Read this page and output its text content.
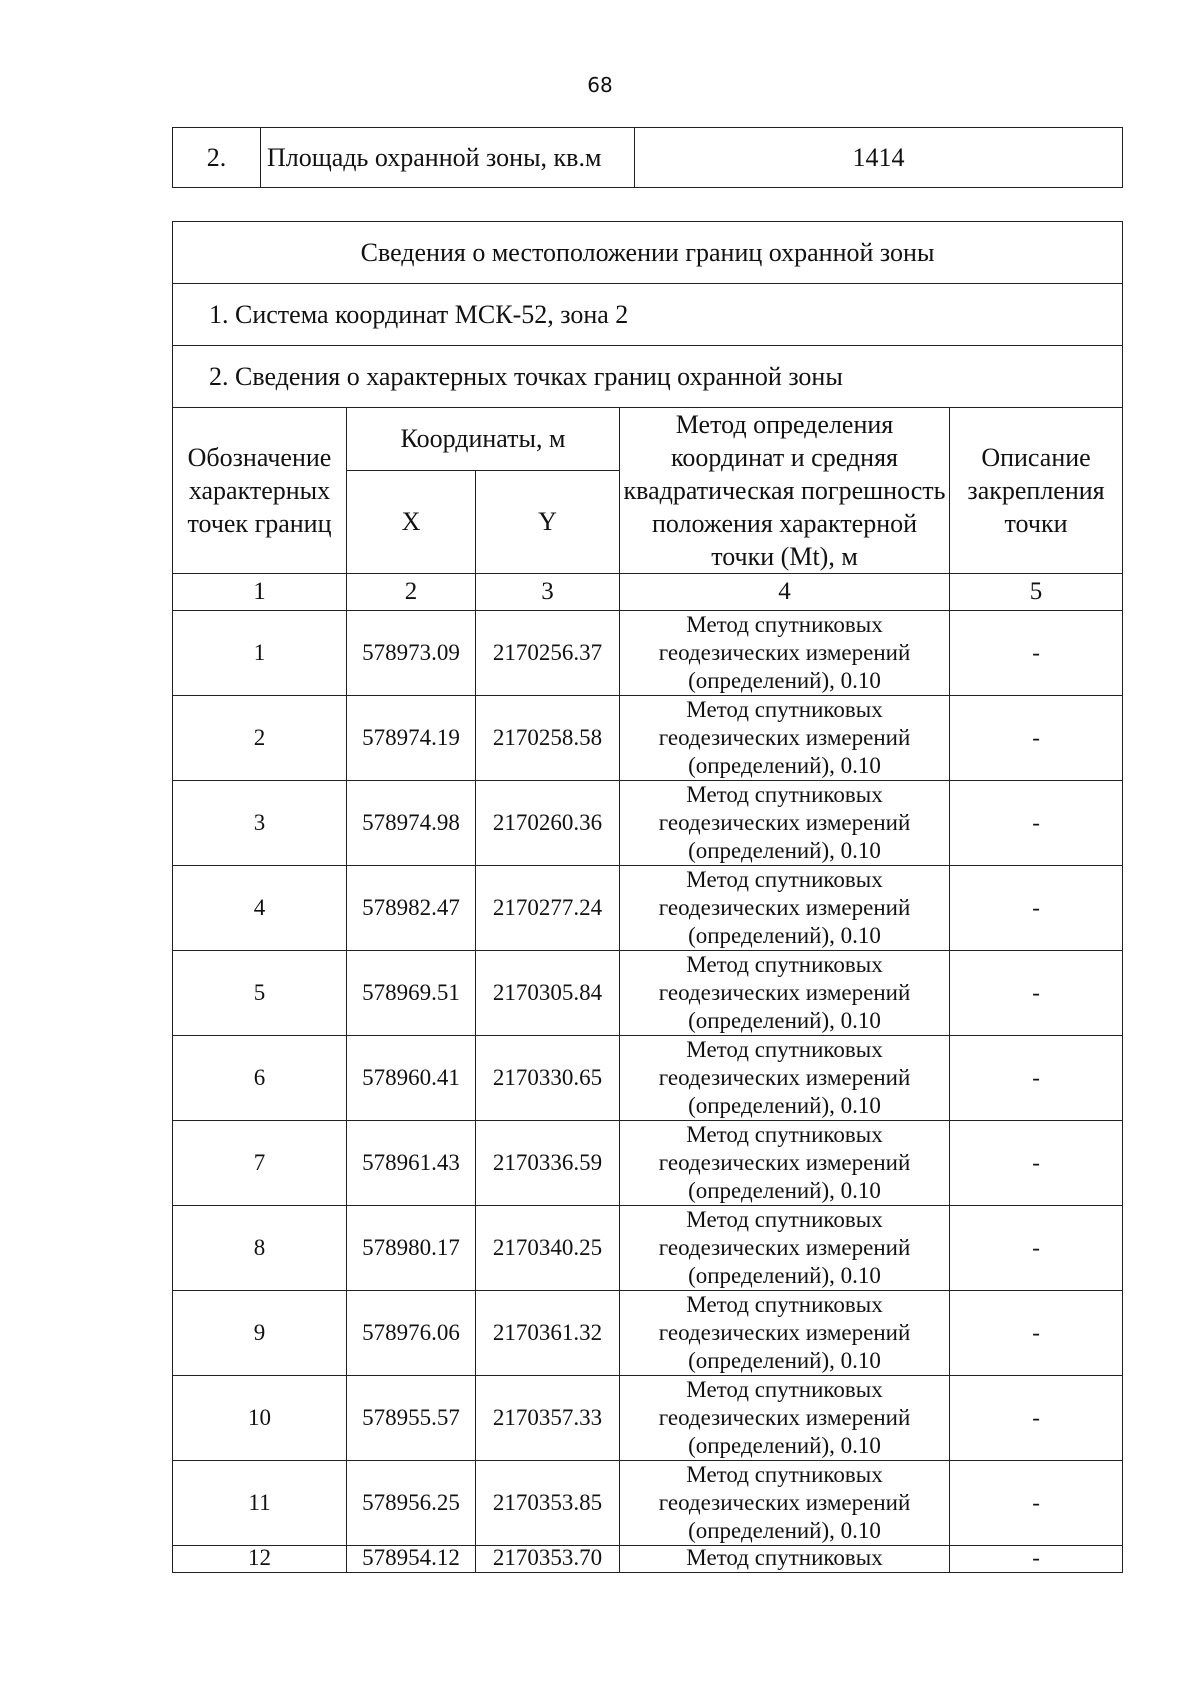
68
2.	Площадь охранной зоны, кв.м	1414
Сведения о местоположении границ охранной зоны				
1. Система координат МСК-52, зона 2				
2. Сведения о характерных точках границ охранной зоны				
Обозначение характерных точек границ	Координаты, м		Метод определения координат и средняя квадратическая погрешность положения характерной точки (Mt), м	Описание закрепления точки
	X	Y		
1	2	3	4	5
1	578973.09	2170256.37	Метод спутниковых
геодезических измерений
(определений), 0.10	-
2	578974.19	2170258.58	Метод спутниковых
геодезических измерений
(определений), 0.10	-
3	578974.98	2170260.36	Метод спутниковых
геодезических измерений
(определений), 0.10	-
4	578982.47	2170277.24	Метод спутниковых
геодезических измерений
(определений), 0.10	-
5	578969.51	2170305.84	Метод спутниковых
геодезических измерений
(определений), 0.10	-
6	578960.41	2170330.65	Метод спутниковых
геодезических измерений
(определений), 0.10	-
7	578961.43	2170336.59	Метод спутниковых
геодезических измерений
(определений), 0.10	-
8	578980.17	2170340.25	Метод спутниковых
геодезических измерений
(определений), 0.10	-
9	578976.06	2170361.32	Метод спутниковых
геодезических измерений
(определений), 0.10	-
10	578955.57	2170357.33	Метод спутниковых
геодезических измерений
(определений), 0.10	-
11	578956.25	2170353.85	Метод спутниковых
геодезических измерений
(определений), 0.10	-
12	578954.12	2170353.70	Метод спутниковых	-
